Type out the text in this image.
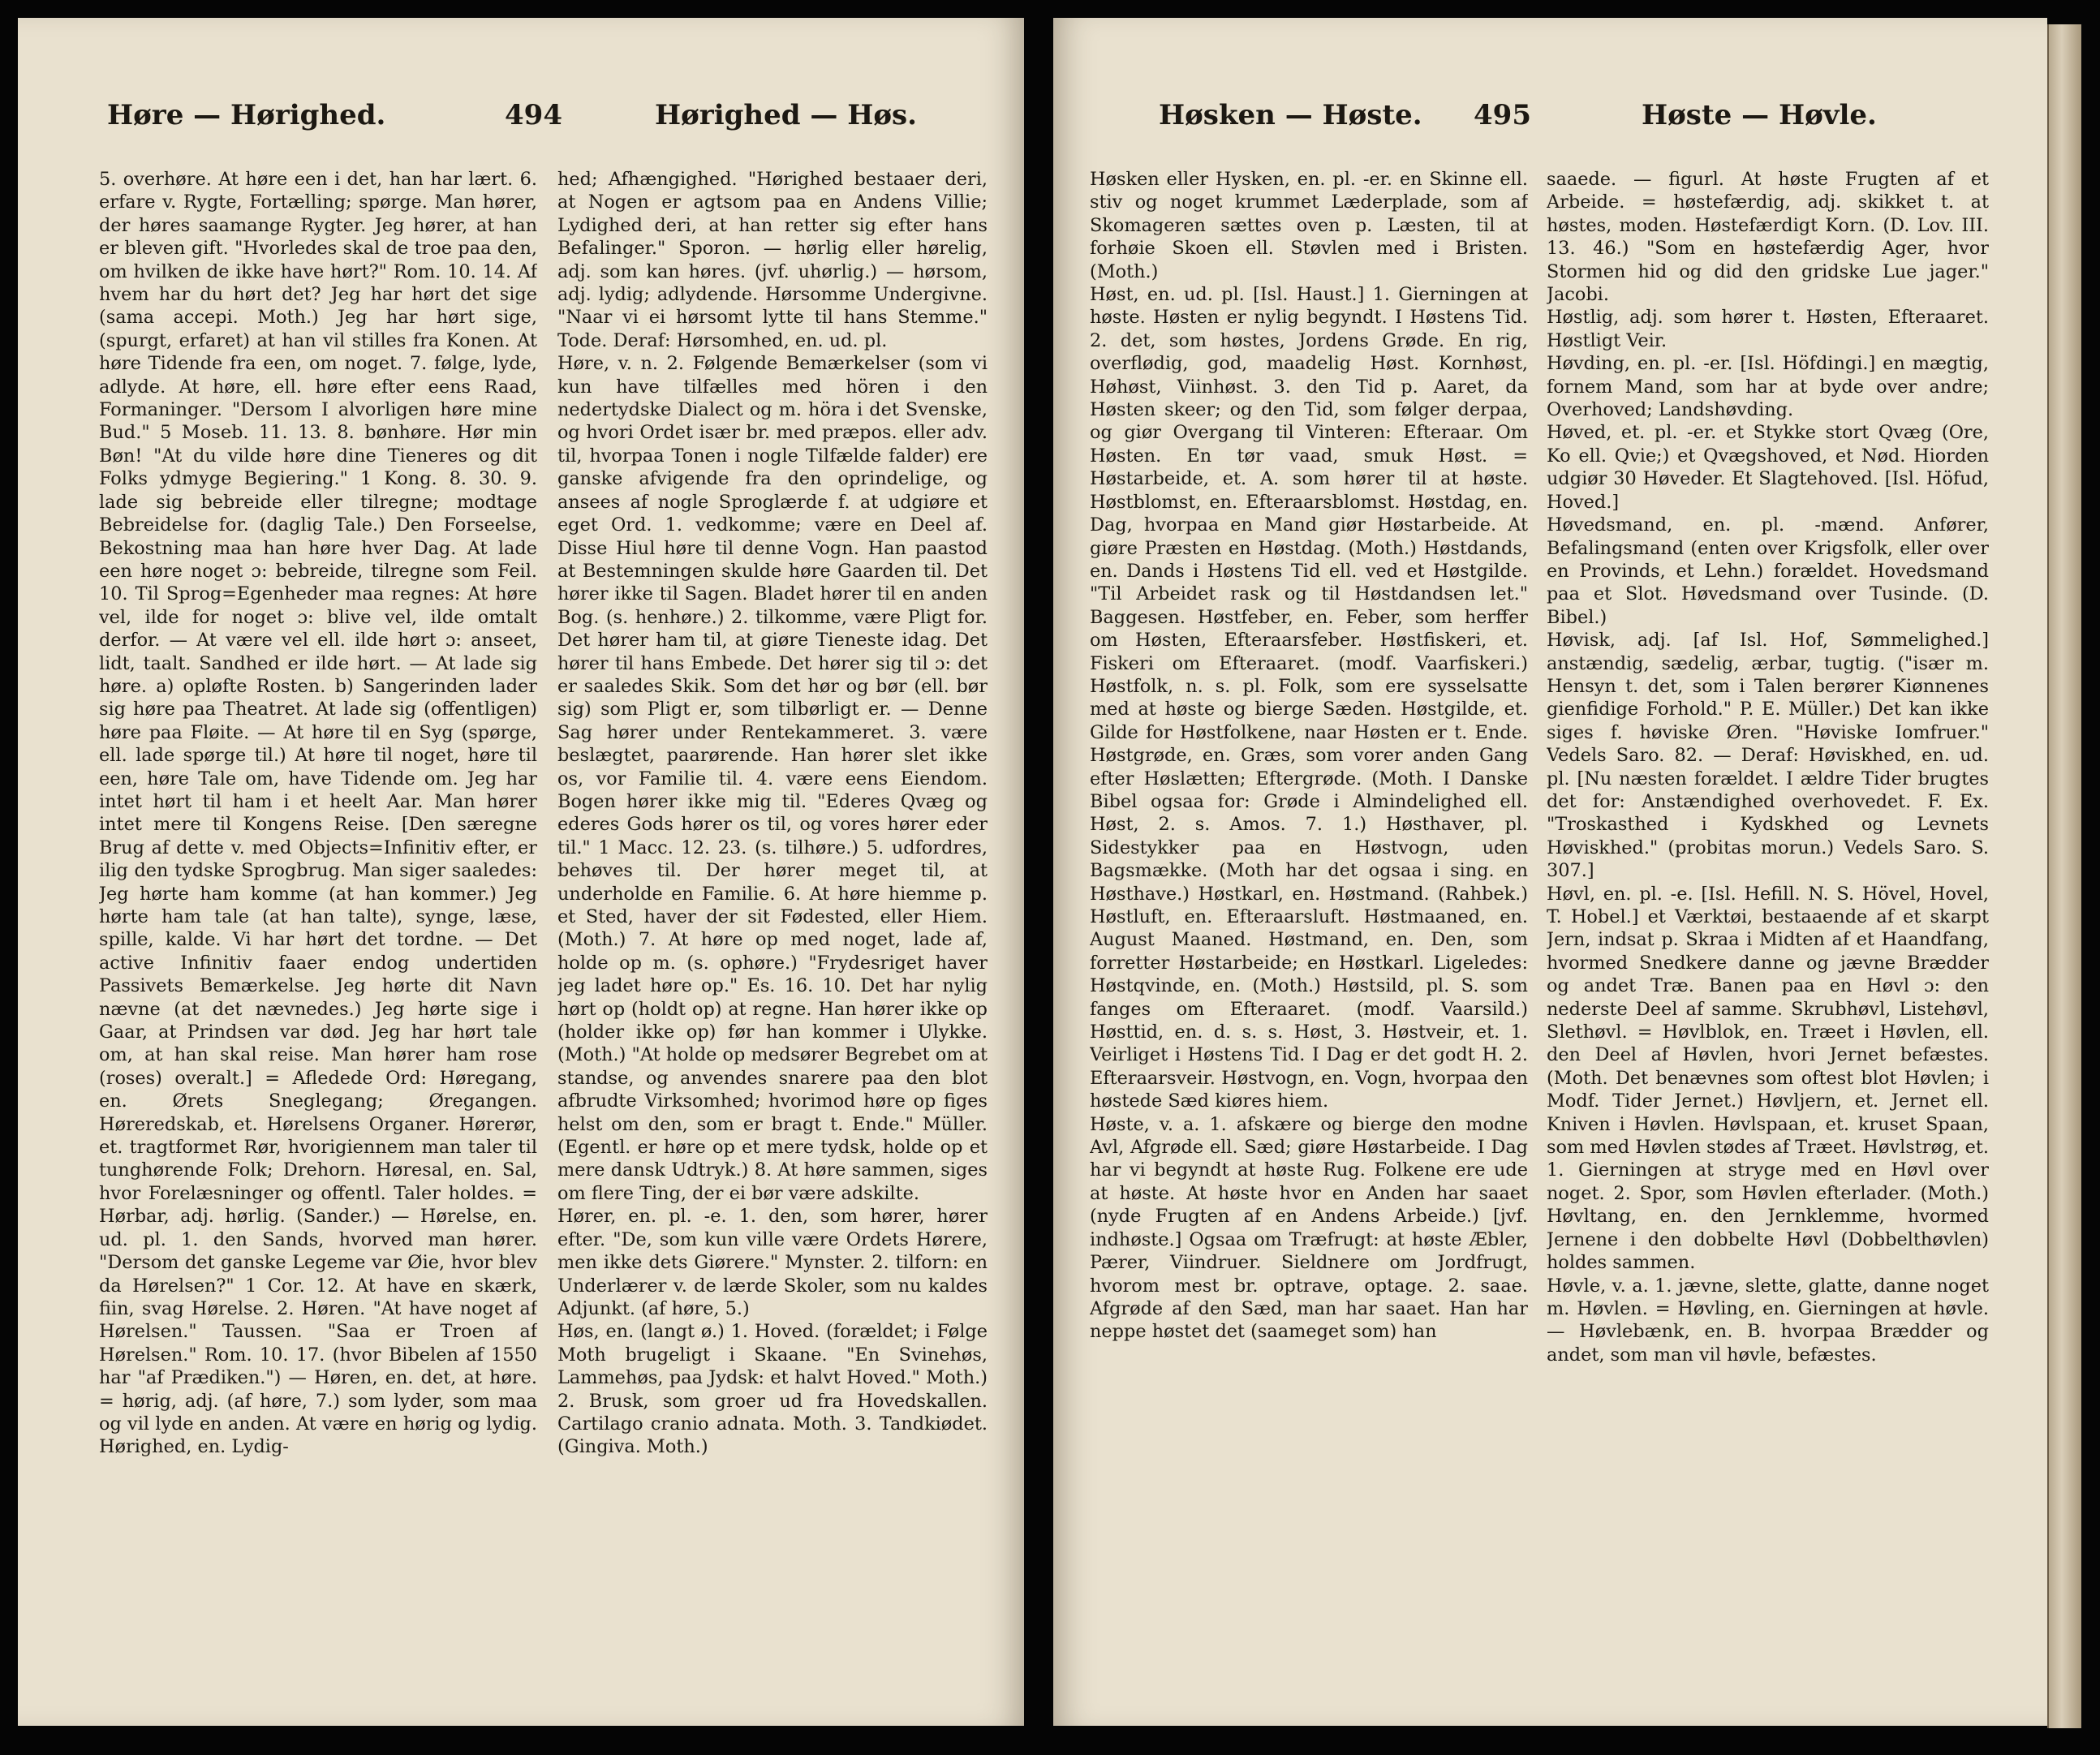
Høre — Hørighed.	494	Hørighed — Høs.
5. overhøre. At høre een i det, han har lært. 6. erfare v. Rygte, Fortælling; spørge. Man hører, der høres saamange Rygter. Jeg hører, at han er bleven gift. "Hvorledes skal de troe paa den, om hvilken de ikke have hørt?" Rom. 10. 14. Af hvem har du hørt det? Jeg har hørt det sige (sama accepi. Moth.) Jeg har hørt sige, (spurgt, erfaret) at han vil stilles fra Konen. At høre Tidende fra een, om noget. 7. følge, lyde, adlyde. At høre, ell. høre efter eens Raad, Formaninger. "Dersom I alvorligen høre mine Bud." 5 Mosеb. 11. 13. 8. bønhøre. Hør min Bøn! "At du vilde høre dine Tieneres og dit Folks ydmyge Begiering." 1 Kong. 8. 30. 9. lade sig bebreide eller tilregne; modtage Bebreidelse for. (daglig Tale.) Den Forseelse, Bekostning maa han høre hver Dag. At lade een høre noget ɔ: bebreide, tilregne som Feil. 10. Til Sprog=Egenheder maa regnes: At høre vel, ilde for noget ɔ: blive vel, ilde omtalt derfor. — At være vel ell. ilde hørt ɔ: anseet, lidt, taalt. Sandhed er ilde hørt. — At lade sig høre. a) opløfte Rosten. b) Sangerinden lader sig høre paa Theatret. At lade sig (offentligen) høre paa Fløite. — At høre til en Syg (spørge, ell. lade spørge til.) At høre til noget, høre til een, høre Tale om, have Tidende om. Jeg har intet hørt til ham i et heelt Aar. Man hører intet mere til Kongens Reise. [Den særegne Brug af dette v. med Objects=Infinitiv efter, er ilig den tydske Sprogbrug. Man siger saaledes: Jeg hørte ham komme (at han kommer.) Jeg hørte ham tale (at han talte), synge, læse, spille, kalde. Vi har hørt det tordne. — Det active Infinitiv faaer endog undertiden Passivets Bemærkelse. Jeg hørte dit Navn nævne (at det nævnedes.) Jeg hørte sige i Gaar, at Prindsen var død. Jeg har hørt tale om, at han skal reise. Man hører ham rose (roses) overalt.] = Afledede Ord: Høregang, en. Ørets Sneglegang; Øregangen. Høreredskab, et. Hørelsens Organer. Hørerør, et. tragtformet Rør, hvorigiennem man taler til tunghørende Folk; Drehorn. Høresal, en. Sal, hvor Forelæsninger og offentl. Taler holdes. = Hørbar, adj. hørlig. (Sander.) — Hørelse, en. ud. pl. 1. den Sands, hvorved man hører. "Dersom det ganske Legeme var Øie, hvor blev da Hørelsen?" 1 Cor. 12. At have en skærk, fiin, svag Hørelse. 2. Høren. "At have noget af Hørelsen." Taussen. "Saa er Troen af Hørelsen." Rom. 10. 17. (hvor Bibelen af 1550 har "af Prædiken.") — Høren, en. det, at høre. = hørig, adj. (af høre, 7.) som lyder, som maa og vil lyde en anden. At være en hørig og lydig. Hørighed, en. Lydig-
hed; Afhængighed. "Hørighed bestaaer deri, at Nogen er agtsom paa en Andens Villie; Lydighed deri, at han retter sig efter hans Befalinger." Sporon. — hørlig eller hørelig, adj. som kan høres. (jvf. uhørlig.) — hørsom, adj. lydig; adlydende. Hørsomme Undergivne. "Naar vi ei hørsomt lytte til hans Stemme." Tode. Deraf: Hørsomhed, en. ud. pl.
Høre, v. n. 2. Følgende Bemærkelser (som vi kun have tilfælles med hören i den nedertydske Dialect og m. höra i det Svenske, og hvori Ordet især br. med præpos. eller adv. til, hvorpaa Tonen i nogle Tilfælde falder) ere ganske afvigende fra den oprindelige, og ansees af nogle Sproglærde f. at udgiøre et eget Ord. 1. vedkomme; være en Deel af. Disse Hiul høre til denne Vogn. Han paastod at Bestemningen skulde høre Gaarden til. Det hører ikke til Sagen. Bladet hører til en anden Bog. (s. henhøre.) 2. tilkomme, være Pligt for. Det hører ham til, at giøre Tieneste idag. Det hører til hans Embede. Det hører sig til ɔ: det er saaledes Skik. Som det hør og bør (ell. bør sig) som Pligt er, som tilbørligt er. — Denne Sag hører under Rentekammeret. 3. være beslægtet, paarørende. Han hører slet ikke os, vor Familie til. 4. være eens Eiendom. Bogen hører ikke mig til. "Ederes Qvæg og ederes Gods hører os til, og vores hører eder til." 1 Macc. 12. 23. (s. tilhøre.) 5. udfordres, behøves til. Der hører meget til, at underholde en Familie. 6. At høre hiemme p. et Sted, haver der sit Fødested, eller Hiem. (Moth.) 7. At høre op med noget, lade af, holde op m. (s. ophøre.) "Frydesriget haver jeg ladet høre op." Es. 16. 10. Det har nylig hørt op (holdt op) at regne. Han hører ikke op (holder ikke op) før han kommer i Ulykke. (Moth.) "At holde op medsører Begrebet om at standse, og anvendes snarere paa den blot afbrudte Virksomhed; hvorimod høre op figes helst om den, som er bragt t. Ende." Müller. (Egentl. er høre op et mere tydsk, holde op et mere dansk Udtryk.) 8. At høre sammen, siges om flere Ting, der ei bør være adskilte.
Hører, en. pl. -e. 1. den, som hører, hører efter. "De, som kun ville være Ordets Hørere, men ikke dets Giørere." Mynster. 2. tilforn: en Underlærer v. de lærde Skoler, som nu kaldes Adjunkt. (af høre, 5.)
Høs, en. (langt ø.) 1. Hoved. (forældet; i Følge Moth brugeligt i Skaane. "En Svinehøs, Lammehøs, paa Jydsk: et halvt Hoved." Moth.) 2. Brusk, som groer ud fra Hovedskallen. Cartilago cranio adnata. Moth. 3. Tandkiødet. (Gingiva. Moth.)
Høsken — Høste. 495	Høste — Høvle.
Høsken eller Hysken, en. pl. -er. en Skinne ell. stiv og noget krummet Læderplade, som af Skomageren sættes oven p. Læsten, til at forhøie Skoen ell. Støvlen med i Bristen. (Moth.)
Høst, en. ud. pl. [Isl. Haust.] 1. Gierningen at høste. Høsten er nylig begyndt. I Høstens Tid. 2. det, som høstes, Jordens Grøde. En rig, overflødig, god, maadelig Høst. Kornhøst, Høhøst, Viinhøst. 3. den Tid p. Aaret, da Høsten skeer; og den Tid, som følger derpaa, og giør Overgang til Vinteren: Efteraar. Om Høsten. En tør vaad, smuk Høst. = Høstarbeide, et. A. som hører til at høste. Høstblomst, en. Efteraarsblomst. Høstdag, en. Dag, hvorpaa en Mand giør Høstarbeide. At giøre Præsten en Høstdag. (Moth.) Høstdands, en. Dands i Høstens Tid ell. ved et Høstgilde. "Til Arbeidet rask og til Høstdandsen let." Baggesen. Høstfeber, en. Feber, som herffer om Høsten, Efteraarsfeber. Høstfiskeri, et. Fiskeri om Efteraaret. (modf. Vaarfiskeri.) Høstfolk, n. s. pl. Folk, som ere sysselsatte med at høste og bierge Sæden. Høstgilde, et. Gilde for Høstfolkene, naar Høsten er t. Ende. Høstgrøde, en. Græs, som vorer anden Gang efter Høslætten; Eftergrøde. (Moth. I Danske Bibel ogsaa for: Grøde i Almindelighed ell. Høst, 2. s. Amos. 7. 1.) Høsthaver, pl. Sidestykker paa en Høstvogn, uden Bagsmække. (Moth har det ogsaa i sing. en Høsthave.) Høstkarl, en. Høstmand. (Rahbek.) Høstluft, en. Efteraarsluft. Høstmaaned, en. August Maaned. Høstmand, en. Den, som forretter Høstarbeide; en Høstkarl. Ligeledes: Høstqvinde, en. (Moth.) Høstsild, pl. S. som fanges om Efteraaret. (modf. Vaarsild.) Høsttid, en. d. s. s. Høst, 3. Høstveir, et. 1. Veirliget i Høstens Tid. I Dag er det godt H. 2. Efteraarsveir. Høstvogn, en. Vogn, hvorpaa den høstede Sæd kiøres hiem.
Høste, v. a. 1. afskære og bierge den modne Avl, Afgrøde ell. Sæd; giøre Høstarbeide. I Dag har vi begyndt at høste Rug. Folkene ere ude at høste. At høste hvor en Anden har saaet (nyde Frugten af en Andens Arbeide.) [jvf. indhøste.] Ogsaa om Træfrugt: at høste Æbler, Pærer, Viindruer. Sieldnere om Jordfrugt, hvorom mest br. optrave, optage. 2. saae. Afgrøde af den Sæd, man har saaet. Han har neppe høstet det (saameget som) han
saaede. — figurl. At høste Frugten af et Arbeide. = høstefærdig, adj. skikket t. at høstes, moden. Høstefærdigt Korn. (D. Lov. III. 13. 46.) "Som en høstefærdig Ager, hvor Stormen hid og did den gridske Lue jager." Jacobi.
Høstlig, adj. som hører t. Høsten, Efteraaret. Høstligt Veir.
Høvding, en. pl. -er. [Isl. Höfdingi.] en mægtig, fornem Mand, som har at byde over andre; Overhoved; Landshøvding.
Høved, et. pl. -er. et Stykke stort Qvæg (Ore, Ko ell. Qvie;) et Qvægshoved, et Nød. Hiorden udgiør 30 Høveder. Et Slagtehoved. [Isl. Höfud, Hoved.]
Høvedsmand, en. pl. -mænd. Anfører, Befalingsmand (enten over Krigsfolk, eller over en Provinds, et Lehn.) forældet. Hovedsmand paa et Slot. Høvedsmand over Tusinde. (D. Bibel.)
Høvisk, adj. [af Isl. Hof, Sømmelighed.] anstændig, sædelig, ærbar, tugtig. ("især m. Hensyn t. det, som i Talen berører Kiønnenes gienfidige Forhold." P. E. Müller.) Det kan ikke siges f. høviske Øren. "Høviske Iomfruer." Vedels Saro. 82. — Deraf: Høviskhed, en. ud. pl. [Nu næsten forældet. I ældre Tider brugtes det for: Anstændighed overhovedet. F. Ex. "Troskasthed i Kydskhed og Levnets Høviskhed." (probitas morun.) Vedels Saro. S. 307.]
Høvl, en. pl. -e. [Isl. Hefill. N. S. Hövel, Hovel, T. Hobel.] et Værktøi, bestaaende af et skarpt Jern, indsat p. Skraa i Midten af et Haandfang, hvormed Snedkere danne og jævne Brædder og andet Træ. Banen paa en Høvl ɔ: den nederste Deel af samme. Skrubhøvl, Listehøvl, Slethøvl. = Høvlblok, en. Træet i Høvlen, ell. den Deel af Høvlen, hvori Jernet befæstes. (Moth. Det benævnes som oftest blot Høvlen; i Modf. Tider Jernet.) Høvljern, et. Jernet ell. Kniven i Høvlen. Høvlspaan, et. kruset Spaan, som med Høvlen stødes af Træet. Høvlstrøg, et. 1. Gierningen at stryge med en Høvl over noget. 2. Spor, som Høvlen efterlader. (Moth.) Høvltang, en. den Jernklemme, hvormed Jernene i den dobbelte Høvl (Dobbelthøvlen) holdes sammen.
Høvle, v. a. 1. jævne, slette, glatte, danne noget m. Høvlen. = Høvling, en. Gierningen at høvle. — Høvlebænk, en. B. hvorpaa Brædder og andet, som man vil høvle, befæstes.
